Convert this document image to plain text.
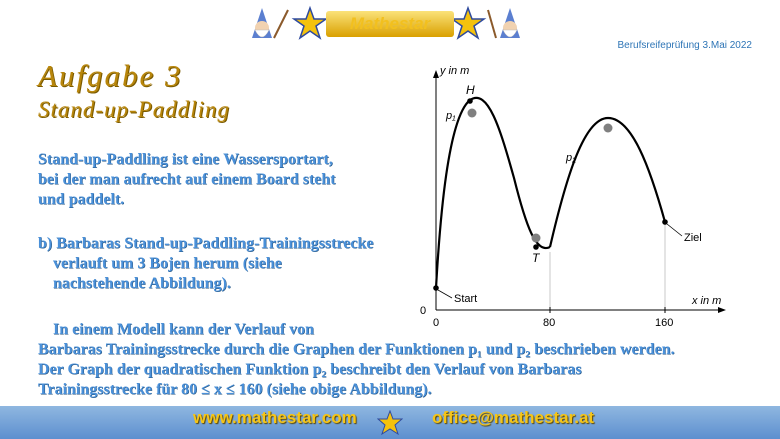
Mathestar
Berufsreifeprüfung 3.Mai 2022
Aufgabe 3
Stand-up-Paddling
Stand-up-Paddling ist eine Wassersportart,
bei der man aufrecht auf einem Board steht
und paddelt.
b) Barbaras Stand-up-Paddling-Trainingsstrecke
verlauft um 3 Bojen herum (siehe
nachstehende Abbildung).
In einem Modell kann der Verlauf von
Barbaras Trainingsstrecke durch die Graphen der Funktionen p₁ und p₂ beschrieben werden.
Der Graph der quadratischen Funktion p₂ beschreibt den Verlauf von Barbaras
Trainingsstrecke für 80 ≤ x ≤ 160 (siehe obige Abbildung).
y in m
x in m
0
0	80	160
H
T
p₁
p₂
Start
Ziel
www.mathestar.com	office@mathestar.at
